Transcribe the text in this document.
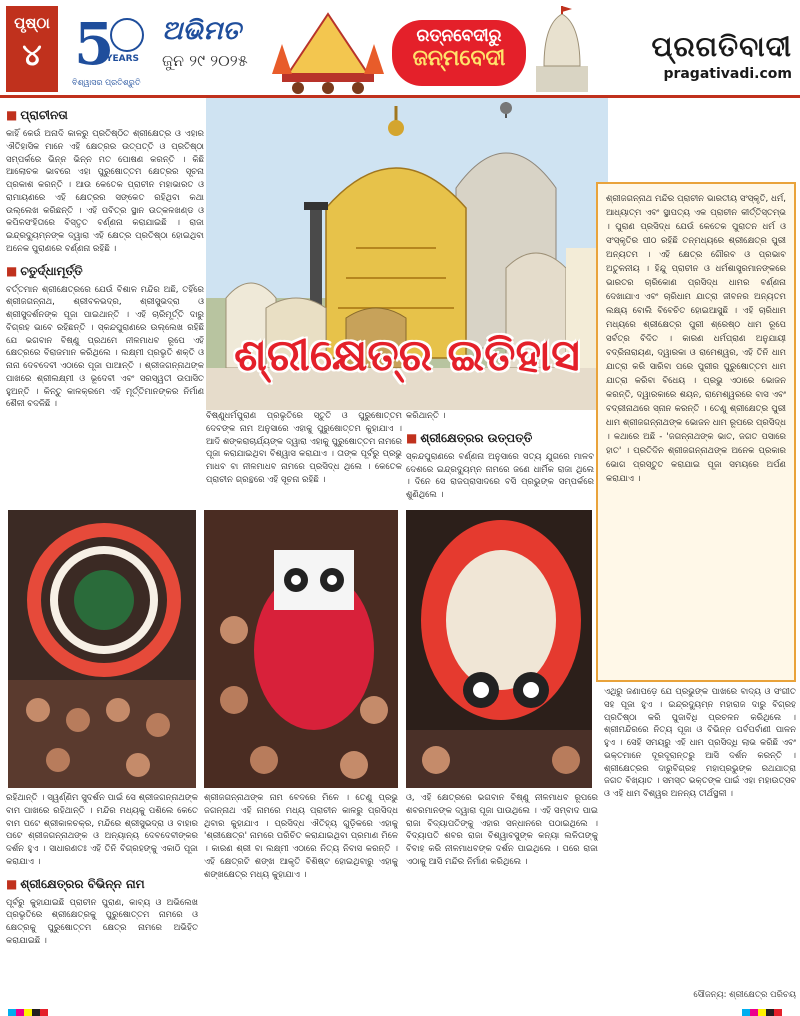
ପୃଷ୍ଠା
୪ 5
YEARS
ବିଶ୍ୱାସର ପ୍ରତିଶ୍ରୁତି
ଅଭିମତ
ଜୁନ ୨୯ ୨୦୨୫
ରତ୍ନବେଦୀରୁ
ଜନ୍ମବେଦୀ	ପ୍ରଗତିବାଦୀ
pragativadi.com
■ ପ୍ରାଚୀନତା

କାହିଁ କେଉଁ ଅନାଦି କାଳରୁ ପ୍ରତିଷ୍ଠିତ ଶ୍ରୀକ୍ଷେତ୍ର ଓ ଏହାର ଐତିହାସିକ ମାନେ ଏହି କ୍ଷେତ୍ରର ଉତ୍ପତ୍ତି ଓ ପ୍ରତିଷ୍ଠା ସମ୍ପର୍କରେ ଭିନ୍ନ ଭିନ୍ନ ମତ ପୋଷଣ କରନ୍ତି । କିଛି ଆଲୋଚକ ଭାବରେ ଏହା ପୁରୁଷୋତ୍ତମ କ୍ଷେତ୍ରର ସୂଚନା ପ୍ରକାଶ କରନ୍ତି । ଆଉ କେତେକ ପ୍ରାଚୀନ ମହାଭାରତ ଓ ରାମାୟଣରେ ଏହି କ୍ଷେତ୍ରର ସଙ୍କେତ ରହିଥିବା କଥା ଉଲ୍ଲେଖ କରିଛନ୍ତି । ଏହି ପବିତ୍ର ସ୍ଥାନ ଉତ୍କଳଖଣ୍ଡ ଓ କପିଳସଂହିତାରେ ବିସ୍ତୃତ ବର୍ଣ୍ଣନା କରାଯାଇଛି । ରାଜା ଇନ୍ଦ୍ରଦ୍ୟୁମ୍ନଙ୍କ ଦ୍ୱାରା ଏହି କ୍ଷେତ୍ର ପ୍ରତିଷ୍ଠା ହୋଇଥିବା ଅନେକ ପୁରାଣରେ ବର୍ଣ୍ଣନା ରହିଛି ।

■ ଚତୁର୍ଦ୍ଧାମୂର୍ତ୍ତି

ବର୍ତ୍ତମାନ ଶ୍ରୀକ୍ଷେତ୍ରରେ ଯେଉଁ ବିଶାଳ ମନ୍ଦିର ଅଛି, ତହିଁରେ ଶ୍ରୀଜଗନ୍ନାଥ, ଶ୍ରୀବଳଭଦ୍ର, ଶ୍ରୀସୁଭଦ୍ରା ଓ ଶ୍ରୀସୁଦର୍ଶନଙ୍କ ପୂଜା ପାଇଥାନ୍ତି । ଏହି ଚାରିମୂର୍ତ୍ତି ଦାରୁ ବିଗ୍ରହ ଭାବେ ରହିଛନ୍ତି । ସ୍କନ୍ଦପୁରାଣରେ ଉଲ୍ଲେଖ ରହିଛି ଯେ ଭଗବାନ ବିଷ୍ଣୁ ପ୍ରଥମେ ନୀଳମାଧବ ରୂପେ ଏହି କ୍ଷେତ୍ରରେ ବିରାଜମାନ କରିଥିଲେ । ଲକ୍ଷ୍ମୀ ପ୍ରଭୃତି ଶକ୍ତି ଓ ନାନା ଦେବଦେବୀ ଏଠାରେ ପୂଜା ପାଆନ୍ତି । ଶ୍ରୀଜଗନ୍ନାଥଙ୍କ ପାଖରେ ଶ୍ରୀଲକ୍ଷ୍ମୀ ଓ ଭୂଦେବୀ ଏବଂ ସରସ୍ୱତୀ ଉପାସିତ ହୁଅନ୍ତି । କିନ୍ତୁ କାଳକ୍ରମେ ଏହି ମୂର୍ତ୍ତିମାନଙ୍କର ନିର୍ମାଣ ଶୈଳୀ ବଦଳିଛି ।

ଶ୍ରୀକ୍ଷେତ୍ର ଇତିହାସ

ଶ୍ରୀଜଗନ୍ନାଥ ମନ୍ଦିର ପ୍ରାଚୀନ ଭାରତୀୟ ସଂସ୍କୃତି, ଧର୍ମ, ଆଧ୍ୟାତ୍ମ ଏବଂ ସ୍ଥାପତ୍ୟ ଏକ ପ୍ରାଚୀନ କୀର୍ତ୍ତିସ୍ତମ୍ଭ । ପୁରାଣ ପ୍ରସିଦ୍ଧ ଯେଉଁ କେତେକ ପୁରାତନ ଧର୍ମ ଓ ସଂସ୍କୃତିର ପୀଠ ରହିଛି ତନ୍ମଧ୍ୟରେ ଶ୍ରୀକ୍ଷେତ୍ର ପୁରୀ ଅନ୍ୟତମ । ଏହି କ୍ଷେତ୍ର ଗୌରବ ଓ ପ୍ରଭାବ ଅତୁଳନୀୟ । ହିନ୍ଦୁ ପ୍ରାଚୀନ ଓ ଧର୍ମଶାସ୍ତ୍ରମାନଙ୍କରେ ଭାରତର ଚାରିକୋଣ ପ୍ରସିଦ୍ଧ ଧାମର ବର୍ଣ୍ଣନା ଦେଖାଯାଏ ଏବଂ ଚାରିଧାମ ଯାତ୍ରା ଜୀବନର ଅନ୍ୟତମ ଲକ୍ଷ୍ୟ ବୋଲି ବିବେଚିତ ହୋଇଆସୁଛି । ଏହି ଚାରିଧାମ ମଧ୍ୟରେ ଶ୍ରୀକ୍ଷେତ୍ର ପୁରୀ ଶ୍ରେଷ୍ଠ ଧାମ ରୂପେ ସର୍ବତ୍ର ବିଦିତ । କାରଣ ଧର୍ମପ୍ରାଣ ଅନୁଯାୟୀ ବଦ୍ରିନାରାୟଣ, ଦ୍ୱାରକା ଓ ରାମେଶ୍ୱର, ଏହି ତିନି ଧାମ ଯାତ୍ରା କରି ସାରିବା ପରେ ପୁରୀର ପୁରୁଷୋତ୍ତମ ଧାମ ଯାତ୍ରା କରିବା ବିଧେୟ । ପ୍ରଭୁ ଏଠାରେ ଭୋଜନ କରନ୍ତି, ଦ୍ୱାରକାରେ ଶୟନ, ରାମେଶ୍ୱରରେ ବାସ ଏବଂ ବଦ୍ରୀନାଥରେ ସ୍ନାନ କରନ୍ତି । ତେଣୁ ଶ୍ରୀକ୍ଷେତ୍ର ପୁରୀ ଧାମ ଶ୍ରୀଜଗନ୍ନାଥଙ୍କ ଭୋଜନ ଧାମ ରୂପରେ ପ୍ରସିଦ୍ଧ । କଥାରେ ଅଛି - 'ଜଗନ୍ନାଥଙ୍କ ଭାତ, ଜଗତ ପସାରେ ହାତ' । ପ୍ରତିଦିନ ଶ୍ରୀଜଗନ୍ନାଥଙ୍କ ଅନେକ ପ୍ରକାର ଭୋଗ ପ୍ରସ୍ତୁତ କରାଯାଇ ପୂଜା ସମୟରେ ଅର୍ପଣ କରାଯାଏ ।

ବିଷ୍ଣୁଧର୍ମପୁରାଣ ପ୍ରଭୃତିରେ ସ୍ତୁତି ଓ ପୁରୁଷୋତ୍ତମ ଦେବଙ୍କ ନାମ ଅନୁସାରେ ଏହାକୁ ପୁରୁଷୋତ୍ତମ କୁହାଯାଏ । ଆଦି ଶଙ୍କରାଚାର୍ଯ୍ୟଙ୍କ ଦ୍ୱାରା ଏହାକୁ ପୁରୁଷୋତ୍ତମ ନାମରେ ପୂଜା କରାଯାଇଥିବା ବିଶ୍ୱାସ କରାଯାଏ । ତାଙ୍କ ପୂର୍ବରୁ ପ୍ରଭୁ ମାଧବ ବା ନୀଳମାଧବ ନାମରେ ପ୍ରସିଦ୍ଧ ଥିଲେ । କେତେକ ପ୍ରାଚୀନ ଗ୍ରନ୍ଥରେ ଏହି ସୂଚନା ରହିଛି ।

କରିଥାନ୍ତି ।

■ ଶ୍ରୀକ୍ଷେତ୍ରର ଉତ୍ପତ୍ତି

ସ୍କନ୍ଦପୁରାଣରେ ବର୍ଣ୍ଣନା ଅନୁସାରେ ସତ୍ୟ ଯୁଗରେ ମାଳବ ଦେଶରେ ଇନ୍ଦ୍ରଦ୍ୟୁମ୍ନ ନାମରେ ଜଣେ ଧାର୍ମିକ ରାଜା ଥିଲେ । ଦିନେ ସେ ରାଜପ୍ରାସାଦରେ ବସି ପ୍ରଭୁଙ୍କ ସମ୍ପର୍କରେ ଶୁଣିଥିଲେ ।

ରହିଥାନ୍ତି । ସ୍ୱର୍ଣ୍ଣିମ ସୁଦର୍ଶନ ପାଇଁ ସେ ଶ୍ରୀଜଗନ୍ନାଥଙ୍କ ବାମ ପାଖରେ ରହିଥାନ୍ତି । ମନ୍ଦିର ମଧ୍ୟକୁ ପଶିଲେ କେତେ ବାମ ପଟେ ଶ୍ରୀକାଳଚକ୍ର, ମନ୍ଦିରେ ଶ୍ରୀସୁଭଦ୍ରା ଓ ବାହାର ପଟେ ଶ୍ରୀଜଗନ୍ନାଥଙ୍କ ଓ ଅନ୍ୟାନ୍ୟ ଦେବଦେବୀଙ୍କର ଦର୍ଶନ ହୁଏ । ସାଧାରଣତଃ ଏହି ତିନି ବିଗ୍ରହଙ୍କୁ ଏକାଠି ପୂଜା କରାଯାଏ ।

■ ଶ୍ରୀକ୍ଷେତ୍ରର ବିଭିନ୍ନ ନାମ

ପୂର୍ବରୁ କୁହାଯାଇଛି ପ୍ରାଚୀନ ପୁରାଣ, କାବ୍ୟ ଓ ଅଭିଲେଖ ପ୍ରଭୃତିରେ ଶ୍ରୀକ୍ଷେତ୍ରକୁ ପୁରୁଷୋତ୍ତମ ନାମରେ ଓ କ୍ଷେତ୍ରକୁ ପୁରୁଷୋତ୍ତମ କ୍ଷେତ୍ର ନାମରେ ଅଭିହିତ କରାଯାଇଛି ।

ଶ୍ରୀଜଗନ୍ନାଥଙ୍କ ନାମ ବେଦରେ ମିଳେ । ତେଣୁ ପ୍ରଭୁ ଜଗନ୍ନାଥ ଏହି ନାମରେ ମଧ୍ୟ ପ୍ରାଚୀନ କାଳରୁ ପ୍ରସିଦ୍ଧ ଥିବାର କୁହାଯାଏ । ପ୍ରସିଦ୍ଧ ଐତିହ୍ୟ ଗୁଡ଼ିକରେ ଏହାକୁ 'ଶ୍ରୀକ୍ଷେତ୍ର' ନାମରେ ପରିଚିତ କରାଯାଇଥିବା ପ୍ରମାଣ ମିଳେ । କାରଣ ଶ୍ରୀ ବା ଲକ୍ଷ୍ମୀ ଏଠାରେ ନିତ୍ୟ ନିବାସ କରନ୍ତି । ଏହି କ୍ଷେତ୍ରଟି ଶଙ୍ଖ ଆକୃତି ବିଶିଷ୍ଟ ହୋଇଥିବାରୁ ଏହାକୁ ଶଙ୍ଖକ୍ଷେତ୍ର ମଧ୍ୟ କୁହାଯାଏ ।

ଓ, ଏହି କ୍ଷେତ୍ରରେ ଭଗବାନ ବିଷ୍ଣୁ ନୀଳମାଧବ ରୂପରେ ଶବରମାନଙ୍କ ଦ୍ୱାରା ପୂଜା ପାଉଥିଲେ । ଏହି ସମ୍ବାଦ ପାଇ ରାଜା ବିଦ୍ୟାପତିଙ୍କୁ ଏହାର ସନ୍ଧାନରେ ପଠାଇଥିଲେ । ବିଦ୍ୟାପତି ଶବର ରାଜା ବିଶ୍ୱାବସୁଙ୍କ କନ୍ୟା ଲଳିତାଙ୍କୁ ବିବାହ କରି ନୀଳମାଧବଙ୍କ ଦର୍ଶନ ପାଇଥିଲେ । ପରେ ରାଜା ଏଠାକୁ ଆସି ମନ୍ଦିର ନିର୍ମାଣ କରିଥିଲେ ।

ଏଥିରୁ ଜଣାପଡ଼େ ଯେ ପ୍ରଭୁଙ୍କ ପାଖରେ ବାଦ୍ୟ ଓ ସଂଗୀତ ସହ ପୂଜା ହୁଏ । ଇନ୍ଦ୍ରଦ୍ୟୁମ୍ନ ମହାରାଜ ଦାରୁ ବିଗ୍ରହ ପ୍ରତିଷ୍ଠା କରି ପୁଜାବିଧି ପ୍ରଚଳନ କରିଥିଲେ । ଶ୍ରୀମନ୍ଦିରରେ ନିତ୍ୟ ପୂଜା ଓ ବିଭିନ୍ନ ପର୍ବପର୍ବାଣୀ ପାଳନ ହୁଏ । ସେହି ସମୟରୁ ଏହି ଧାମ ପ୍ରସିଦ୍ଧି ଲାଭ କରିଛି ଏବଂ ଭକ୍ତମାନେ ଦୂରଦୂରାନ୍ତରୁ ଆସି ଦର୍ଶନ କରନ୍ତି । ଶ୍ରୀକ୍ଷେତ୍ରର ଦାରୁବିଗ୍ରହ ମହାପ୍ରଭୁଙ୍କ ରଥଯାତ୍ରା ଜଗତ ବିଖ୍ୟାତ । ସମସ୍ତ ଭକ୍ତଙ୍କ ପାଇଁ ଏହା ମହାଉତ୍ସବ ଓ ଏହି ଧାମ ବିଶ୍ୱର ଅନନ୍ୟ ତୀର୍ଥସ୍ଥଳୀ ।

ସୌଜନ୍ୟ: ଶ୍ରୀକ୍ଷେତ୍ର ପରିଚୟ
